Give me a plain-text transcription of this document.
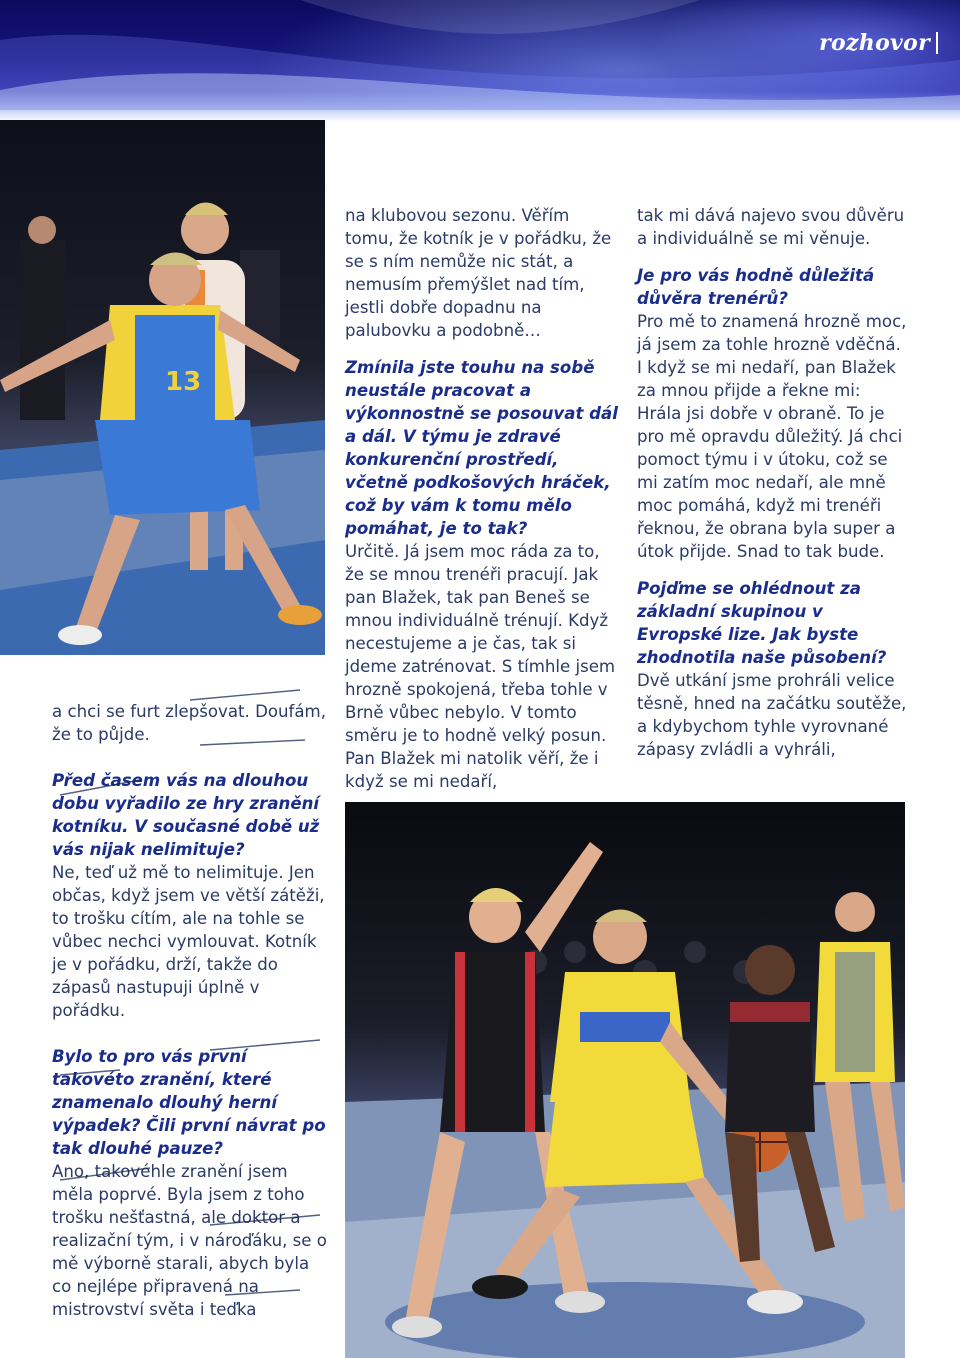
rozhovor
13

a chci se furt zlepšovat. Doufám, že to půjde.

Před časem vás na dlouhou dobu vyřadilo ze hry zranění kotníku. V současné době už vás nijak nelimituje?

Ne, teď už mě to nelimituje. Jen občas, když jsem ve větší zátěži, to trošku cítím, ale na tohle se vůbec nechci vymlouvat. Kotník je v pořádku, drží, takže do zápasů nastupuji úplně v pořádku.

Bylo to pro vás první takovéto zranění, které znamenalo dlouhý herní výpadek? Čili první návrat po tak dlouhé pauze?

Ano, takovéhle zranění jsem měla poprvé. Byla jsem z toho trošku nešťastná, ale doktor a realizační tým, i v nároďáku, se o mě výborně starali, abych byla co nejlépe připravená na mistrovství světa i teďka

na klubovou sezonu. Věřím tomu, že kotník je v pořádku, že se s ním nemůže nic stát, a nemusím přemýšlet nad tím, jestli dobře dopadnu na palubovku a podobně…

Zmínila jste touhu na sobě neustále pracovat a výkonnostně se posouvat dál a dál. V týmu je zdravé konkurenční prostředí, včetně podkošových hráček, což by vám k tomu mělo pomáhat, je to tak?

Určitě. Já jsem moc ráda za to, že se mnou trenéři pracují. Jak pan Blažek, tak pan Beneš se mnou individuálně trénují. Když necestujeme a je čas, tak si jdeme zatrénovat. S tímhle jsem hrozně spokojená, třeba tohle v Brně vůbec nebylo. V tomto směru je to hodně velký posun. Pan Blažek mi natolik věří, že i když se mi nedaří,

tak mi dává najevo svou důvěru a individuálně se mi věnuje.

Je pro vás hodně důležitá důvěra trenérů?

Pro mě to znamená hrozně moc, já jsem za tohle hrozně vděčná. I když se mi nedaří, pan Blažek za mnou přijde a řekne mi: Hrála jsi dobře v obraně. To je pro mě opravdu důležitý. Já chci pomoct týmu i v útoku, což se mi zatím moc nedaří, ale mně moc pomáhá, když mi trenéři řeknou, že obrana byla super a útok přijde. Snad to tak bude.

Pojďme se ohlédnout za základní skupinou v Evropské lize. Jak byste zhodnotila naše působení?

Dvě utkání jsme prohráli velice těsně, hned na začátku soutěže, a kdybychom tyhle vyrovnané zápasy zvládli a vyhráli,
